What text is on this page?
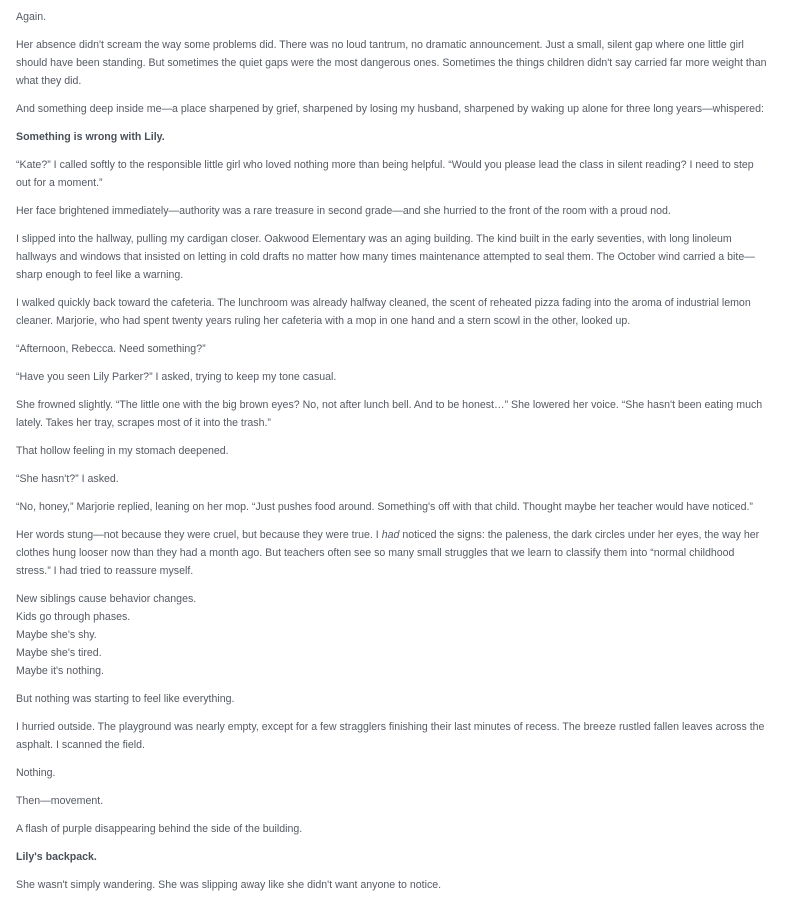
Again.

Her absence didn't scream the way some problems did. There was no loud tantrum, no dramatic announcement. Just a small, silent gap where one little girl should have been standing. But sometimes the quiet gaps were the most dangerous ones. Sometimes the things children didn't say carried far more weight than what they did.

And something deep inside me—a place sharpened by grief, sharpened by losing my husband, sharpened by waking up alone for three long years—whispered:

Something is wrong with Lily.

“Kate?” I called softly to the responsible little girl who loved nothing more than being helpful. “Would you please lead the class in silent reading? I need to step out for a moment.”

Her face brightened immediately—authority was a rare treasure in second grade—and she hurried to the front of the room with a proud nod.

I slipped into the hallway, pulling my cardigan closer. Oakwood Elementary was an aging building. The kind built in the early seventies, with long linoleum hallways and windows that insisted on letting in cold drafts no matter how many times maintenance attempted to seal them. The October wind carried a bite—sharp enough to feel like a warning.

I walked quickly back toward the cafeteria. The lunchroom was already halfway cleaned, the scent of reheated pizza fading into the aroma of industrial lemon cleaner. Marjorie, who had spent twenty years ruling her cafeteria with a mop in one hand and a stern scowl in the other, looked up.

“Afternoon, Rebecca. Need something?”

“Have you seen Lily Parker?” I asked, trying to keep my tone casual.

She frowned slightly. “The little one with the big brown eyes? No, not after lunch bell. And to be honest…” She lowered her voice. “She hasn't been eating much lately. Takes her tray, scrapes most of it into the trash.”

That hollow feeling in my stomach deepened.

“She hasn't?” I asked.

“No, honey,” Marjorie replied, leaning on her mop. “Just pushes food around. Something's off with that child. Thought maybe her teacher would have noticed.”

Her words stung—not because they were cruel, but because they were true. I had noticed the signs: the paleness, the dark circles under her eyes, the way her clothes hung looser now than they had a month ago. But teachers often see so many small struggles that we learn to classify them into “normal childhood stress.” I had tried to reassure myself.

New siblings cause behavior changes.
Kids go through phases.
Maybe she's shy.
Maybe she's tired.
Maybe it's nothing.

But nothing was starting to feel like everything.

I hurried outside. The playground was nearly empty, except for a few stragglers finishing their last minutes of recess. The breeze rustled fallen leaves across the asphalt. I scanned the field.

Nothing.

Then—movement.

A flash of purple disappearing behind the side of the building.

Lily's backpack.

She wasn't simply wandering. She was slipping away like she didn't want anyone to notice.
